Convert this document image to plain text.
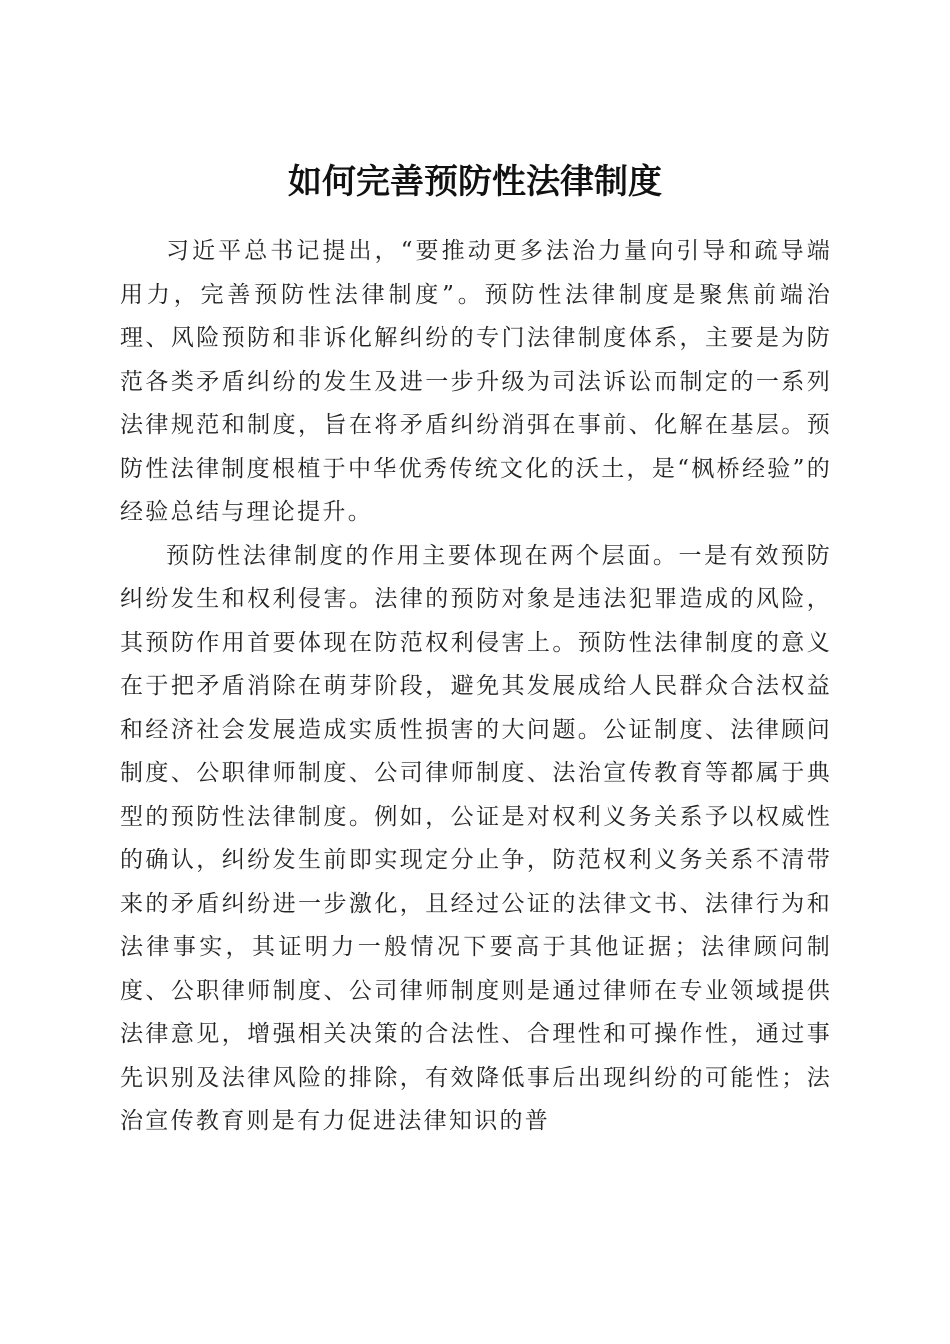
如何完善预防性法律制度

习近平总书记提出，“要推动更多法治力量向引导和疏导端用力，完善预防性法律制度”。预防性法律制度是聚焦前端治理、风险预防和非诉化解纠纷的专门法律制度体系，主要是为防范各类矛盾纠纷的发生及进一步升级为司法诉讼而制定的一系列法律规范和制度，旨在将矛盾纠纷消弭在事前、化解在基层。预防性法律制度根植于中华优秀传统文化的沃土，是“枫桥经验”的经验总结与理论提升。

预防性法律制度的作用主要体现在两个层面。一是有效预防纠纷发生和权利侵害。法律的预防对象是违法犯罪造成的风险，其预防作用首要体现在防范权利侵害上。预防性法律制度的意义在于把矛盾消除在萌芽阶段，避免其发展成给人民群众合法权益和经济社会发展造成实质性损害的大问题。公证制度、法律顾问制度、公职律师制度、公司律师制度、法治宣传教育等都属于典型的预防性法律制度。例如，公证是对权利义务关系予以权威性的确认，纠纷发生前即实现定分止争，防范权利义务关系不清带来的矛盾纠纷进一步激化，且经过公证的法律文书、法律行为和法律事实，其证明力一般情况下要高于其他证据；法律顾问制度、公职律师制度、公司律师制度则是通过律师在专业领域提供法律意见，增强相关决策的合法性、合理性和可操作性，通过事先识别及法律风险的排除，有效降低事后出现纠纷的可能性；法治宣传教育则是有力促进法律知识的普
